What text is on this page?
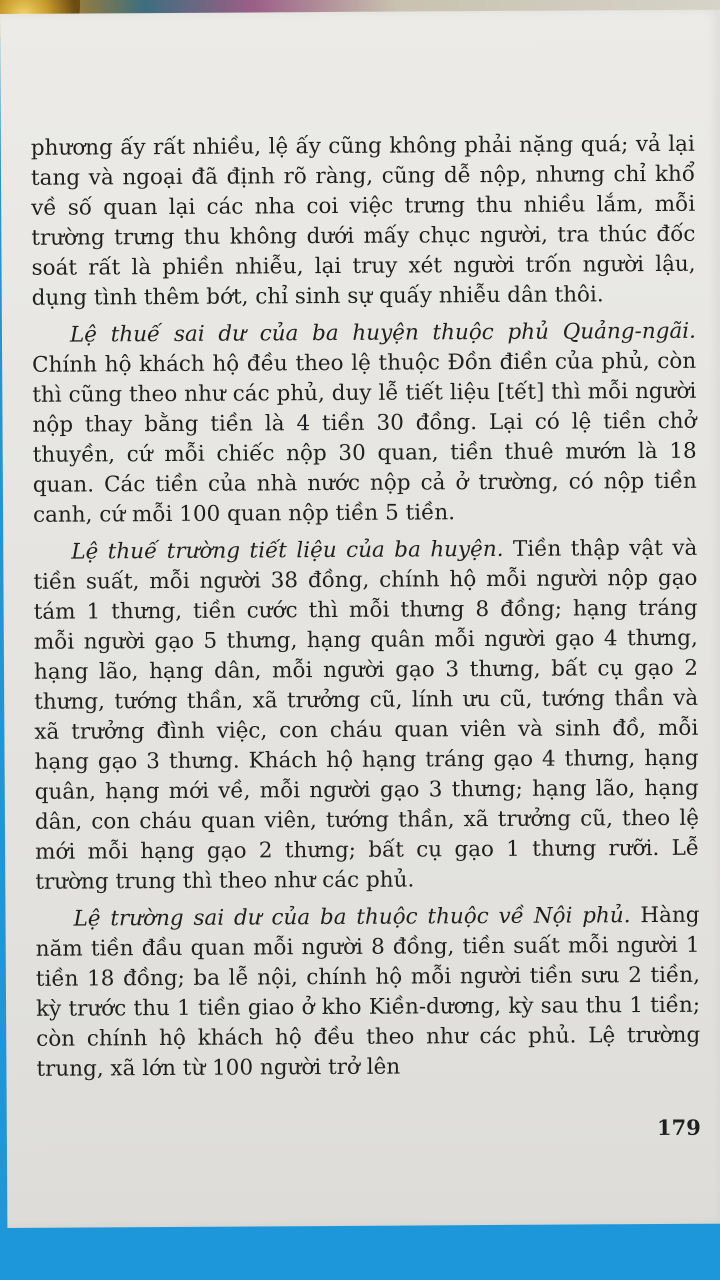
phương ấy rất nhiều, lệ ấy cũng không phải nặng quá; vả lại tang và ngoại đã định rõ ràng, cũng dễ nộp, nhưng chỉ khổ về số quan lại các nha coi việc trưng thu nhiều lắm, mỗi trường trưng thu không dưới mấy chục người, tra thúc đốc soát rất là phiền nhiễu, lại truy xét người trốn người lậu, dụng tình thêm bớt, chỉ sinh sự quấy nhiễu dân thôi.

Lệ thuế sai dư của ba huyện thuộc phủ Quảng-ngãi. Chính hộ khách hộ đều theo lệ thuộc Đồn điền của phủ, còn thì cũng theo như các phủ, duy lễ tiết liệu [tết] thì mỗi người nộp thay bằng tiền là 4 tiền 30 đồng. Lại có lệ tiền chở thuyền, cứ mỗi chiếc nộp 30 quan, tiền thuê mướn là 18 quan. Các tiền của nhà nước nộp cả ở trường, có nộp tiền canh, cứ mỗi 100 quan nộp tiền 5 tiền.

Lệ thuế trường tiết liệu của ba huyện. Tiền thập vật và tiền suất, mỗi người 38 đồng, chính hộ mỗi người nộp gạo tám 1 thưng, tiền cước thì mỗi thưng 8 đồng; hạng tráng mỗi người gạo 5 thưng, hạng quân mỗi người gạo 4 thưng, hạng lão, hạng dân, mỗi người gạo 3 thưng, bất cụ gạo 2 thưng, tướng thần, xã trưởng cũ, lính ưu cũ, tướng thần và xã trưởng đình việc, con cháu quan viên và sinh đồ, mỗi hạng gạo 3 thưng. Khách hộ hạng tráng gạo 4 thưng, hạng quân, hạng mới về, mỗi người gạo 3 thưng; hạng lão, hạng dân, con cháu quan viên, tướng thần, xã trưởng cũ, theo lệ mới mỗi hạng gạo 2 thưng; bất cụ gạo 1 thưng rưỡi. Lễ trường trung thì theo như các phủ.

Lệ trường sai dư của ba thuộc thuộc về Nội phủ. Hàng năm tiền đầu quan mỗi người 8 đồng, tiền suất mỗi người 1 tiền 18 đồng; ba lễ nội, chính hộ mỗi người tiền sưu 2 tiền, kỳ trước thu 1 tiền giao ở kho Kiền-dương, kỳ sau thu 1 tiền; còn chính hộ khách hộ đều theo như các phủ. Lệ trường trung, xã lớn từ 100 người trở lên

179
